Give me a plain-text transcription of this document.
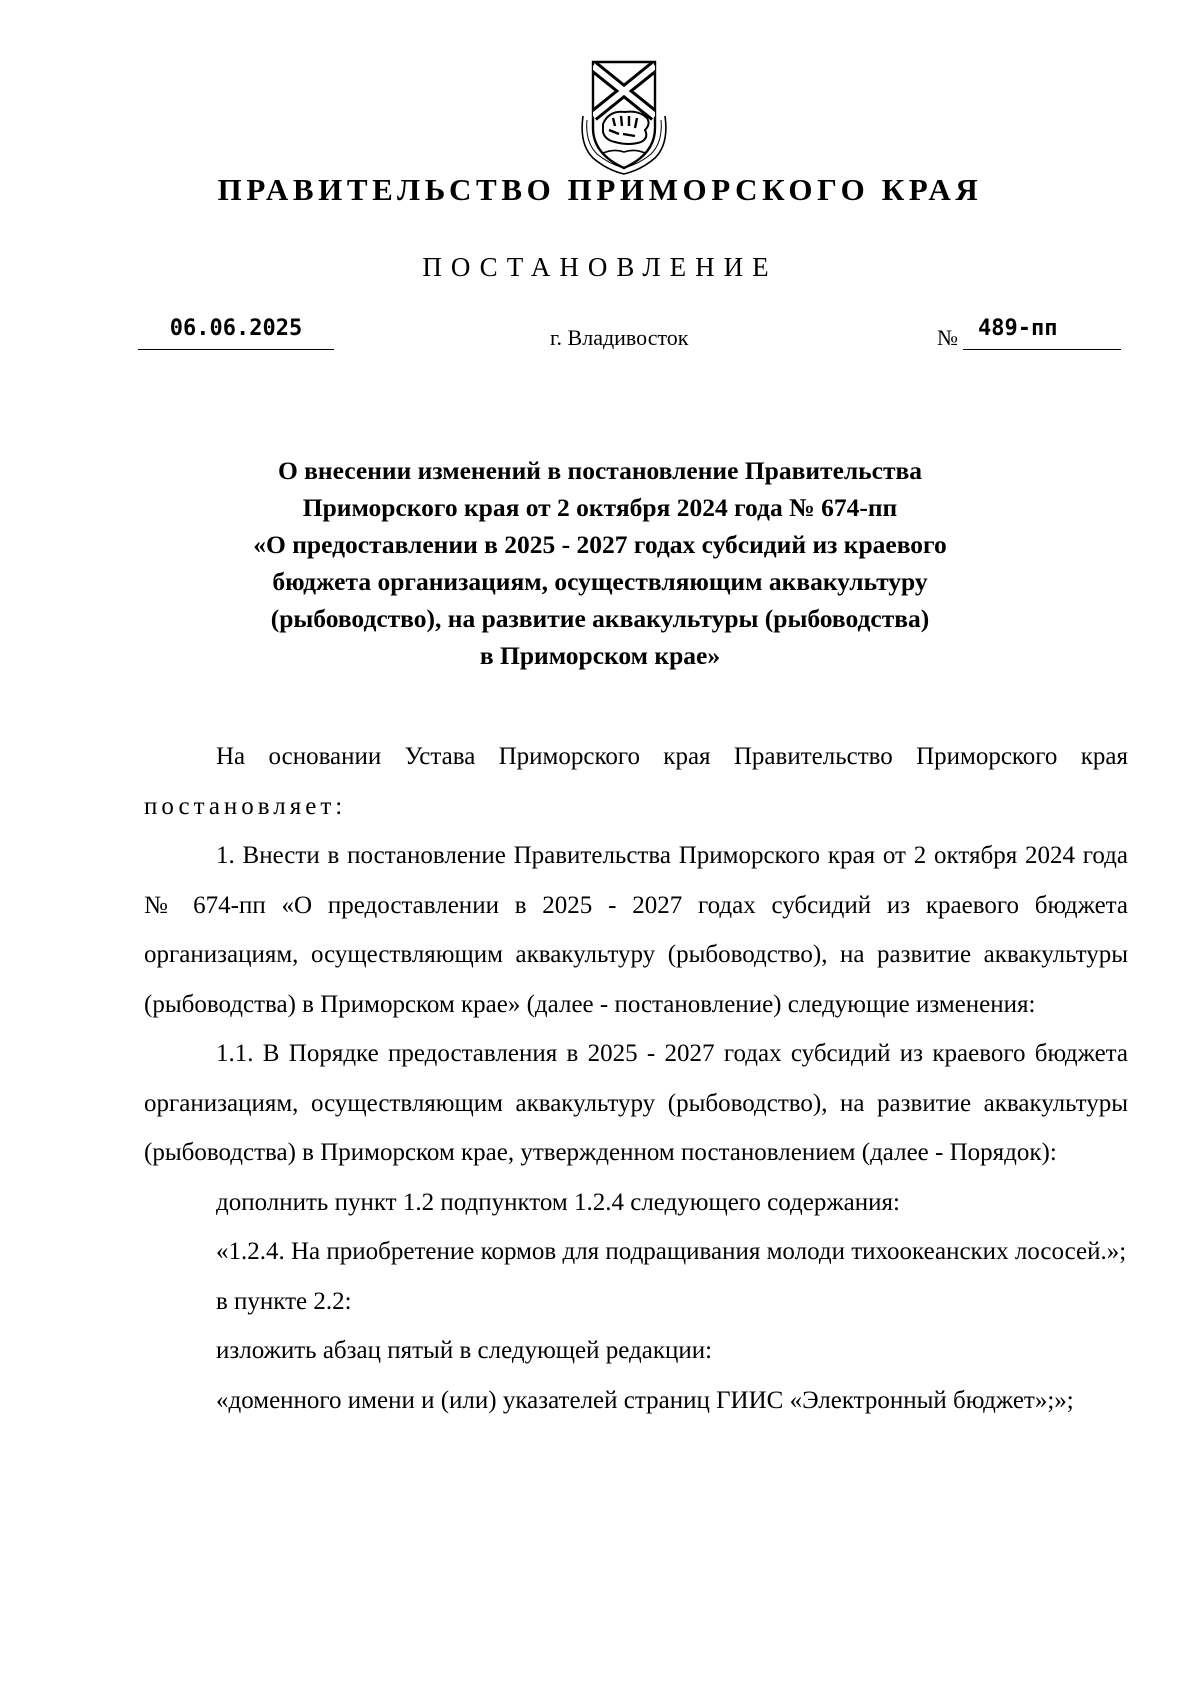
ПРАВИТЕЛЬСТВО ПРИМОРСКОГО КРАЯ
ПОСТАНОВЛЕНИЕ
06.06.2025	г. Владивосток	№ 489-пп
О внесении изменений в постановление Правительства
Приморского края от 2 октября 2024 года № 674-пп
«О предоставлении в 2025 - 2027 годах субсидий из краевого
бюджета организациям, осуществляющим аквакультуру
(рыбоводство), на развитие аквакультуры (рыбоводства)
в Приморском крае»

На основании Устава Приморского края Правительство Приморского края постановляет:

1. Внести в постановление Правительства Приморского края от 2 октября 2024 года № 674-пп «О предоставлении в 2025 - 2027 годах субсидий из краевого бюджета организациям, осуществляющим аквакультуру (рыбоводство), на развитие аквакультуры (рыбоводства) в Приморском крае» (далее - постановление) следующие изменения:

1.1. В Порядке предоставления в 2025 - 2027 годах субсидий из краевого бюджета организациям, осуществляющим аквакультуру (рыбоводство), на развитие аквакультуры (рыбоводства) в Приморском крае, утвержденном постановлением (далее - Порядок):

дополнить пункт 1.2 подпунктом 1.2.4 следующего содержания:

«1.2.4. На приобретение кормов для подращивания молоди тихоокеанских лососей.»;

в пункте 2.2:

изложить абзац пятый в следующей редакции:

«доменного имени и (или) указателей страниц ГИИС «Электронный бюджет»;»;
